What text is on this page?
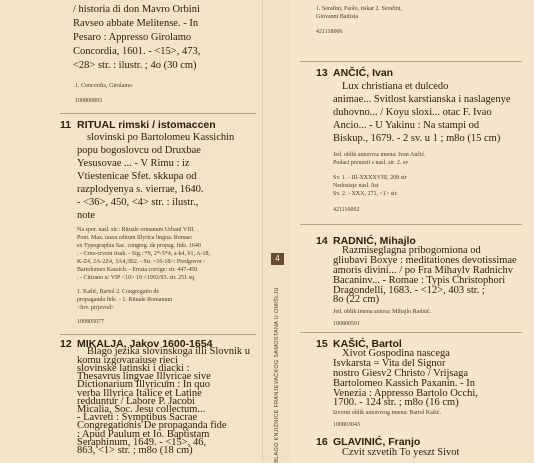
/ historia di don Mavro Orbini
Ravseo abbate Melitense. - In
Pesaro : Appresso Girolamo
Concordia, 1601. - <15>, 473,
<28> str. : ilustr. ; 4o (30 cm)
1. Concordia, Girolamo
100800893
11 RITUAL rimski / istomaccen
slovinski po Bartolomeu Kassichin
popu bogoslovcu od Druxbae
Yesusovae ... - V Rimu : iz
Vtiestenicae Sfet. skkupa od
razplodyenya s. vierrae, 1640.
- <36>, 450, <4> str. : ilustr.,
note
Na spor. nasl. str.: Rituale romanum Urbani VIII.
Pont. Max. iussu editum Illyrica lingua. Romae:
ex Typographia Sac. congreg. de propag. fide. 1640
. - Crno-crveni tisak. - Sig.: *S, 2*-5*4, a-k4, b1, A-18,
K-Z4, 2A-2Z4, 3A4,3B2. - Str. <16-18>: Predgovor /
Bartolomeo Kassich. - Errata corrige: str. 447-450
. - Citirano u: VIP <10> 19 <1992/93. str. 251 sq.
1. Kašić, Bartol 2. Congregatio de
propaganda fide. - 1. Rituale Romanum
<hrv. prijevod>
100805077
12 MIKALJA, Jakov 1600-1654
Blago jezika slovinskoga illi Slovnik u
komu izgovaraiuse rieci
slovinske latinski i diacki :
Thesavrus lingvae Illyricae sive
Dictionarium Illyricum : In quo
verba Illyrica Italice et Latine
redduntur / Labore P. Jacobi
Micalia, Soc. Jesu collectum...
- Lavreti : Symptibus Sacrae
Congregationis De propaganda fide
: Apud Paulum et Io. Baptistam
Seraphinum, 1649. - <15>, 46,
863, <1> str. ; m8o (18 cm)
4
BLAGO KNJIŽNICE FRANJEVAČKOG SAMOSTANA U OMIŠLJU
1. Serafini, Paolo, tiskar 2. Serafini,
Giovanni Battista
421118006
13 ANČIĆ, Ivan
Lux christiana et dulcedo
animae... Svitlost karstianska i naslagenye
duhovno... / Koyu sloxi... otac F. Ivao
Ancio... - U Yakinu : Na stampi od
Biskup., 1679. - 2 sv. u 1 ; m8o (15 cm)
Jed. oblik autorova imena: Ivan Ančić.
Podaci preuzeti s nasl. str. 2. sv
Sv. 1. - III-XXXXVIII, 208 str
Nedostaje nasl. list
Sv. 2. - XXX, 271, <1> str.
421116002
14 RADNIĆ, Mihajlo
Razmiseglagna pribogomiona od
gliubavi Boxye : meditationes devotissimae
amoris divini... / po Fra Mihaylv Radnichv
Bacaninv... - Romae : Typis Christophori
Dragondelli, 1683. - <12>, 403 str. ;
8o (22 cm)
Jed. oblik imena autora: Mihajlo Radnić.
100800501
15 KAŠIĆ, Bartol
Xivot Gospodina nascega
Isvkarsta = Vita del Signor
nostro Giesv2 Christo / Vrijsaga
Bartolomeo Kassich Paxanin. - In
Venezia : Appresso Bartolo Occhi,
1700. - 124 str. ; m8o (16 cm)
Izvorni oblik autorovog imena: Bartol Kašić.
100803043
16 GLAVINIĆ, Franjo
Czvit szvetih To yeszt Sivot
